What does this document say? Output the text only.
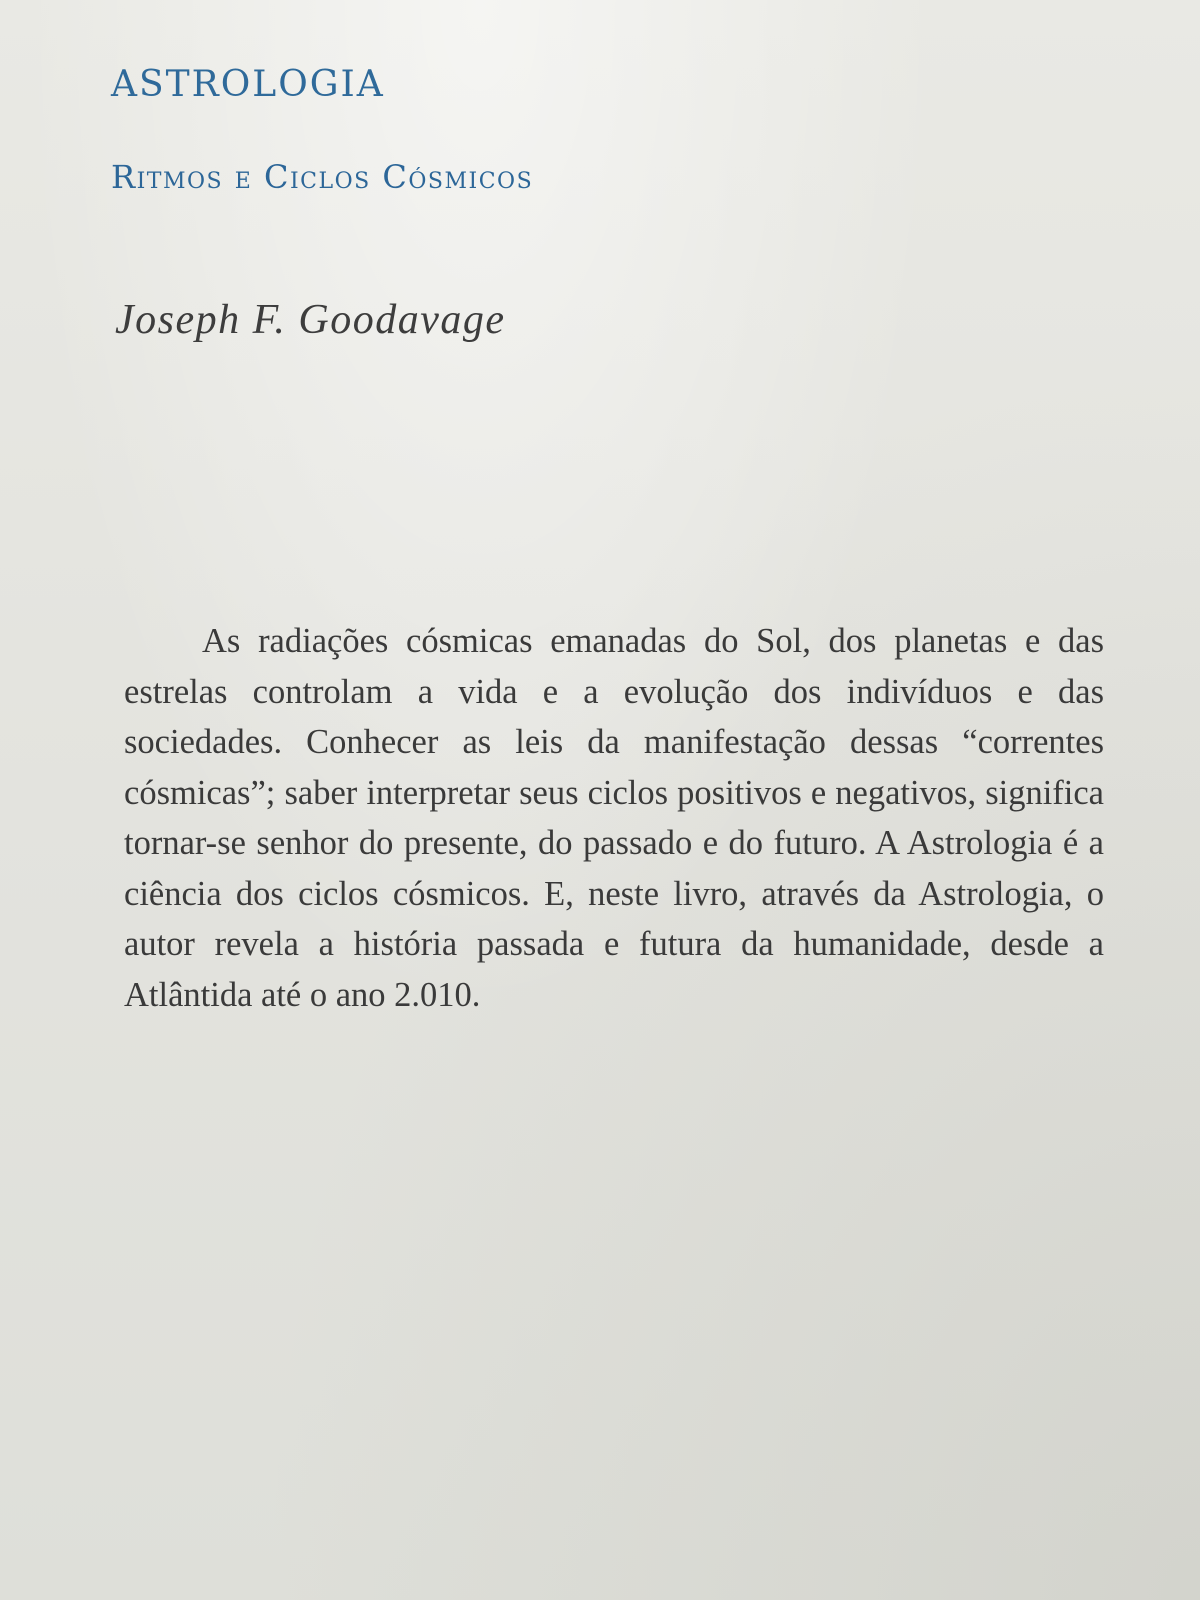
ASTROLOGIA
Ritmos e Ciclos Cósmicos

Joseph F. Goodavage

As radiações cósmicas emanadas do Sol, dos planetas e das estrelas controlam a vida e a evolução dos indivíduos e das sociedades. Conhecer as leis da manifestação dessas “correntes cósmicas”; saber interpretar seus ciclos positivos e negativos, significa tornar-se senhor do presente, do passado e do futuro. A Astrologia é a ciência dos ciclos cósmicos. E, neste livro, através da Astrologia, o autor revela a história passada e futura da humanidade, desde a Atlântida até o ano 2.010.
